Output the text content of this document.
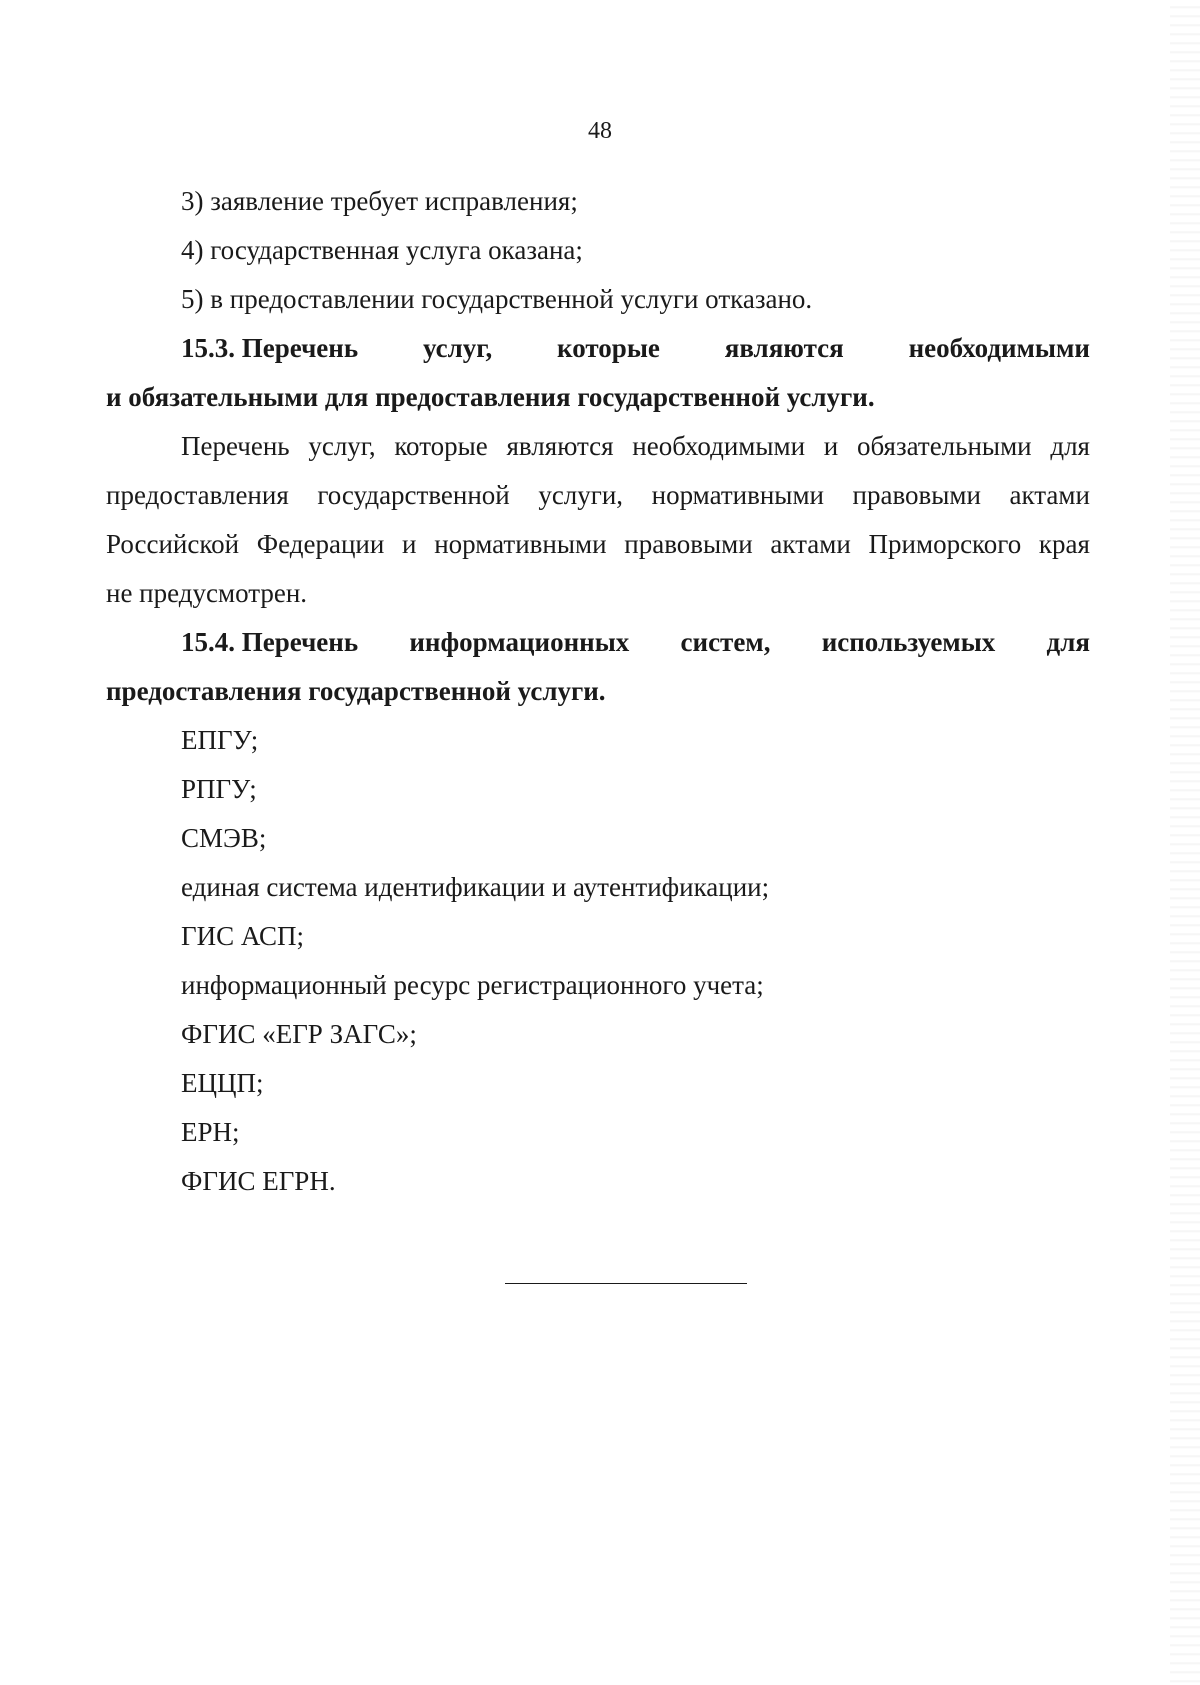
48
3) заявление требует исправления;
4) государственная услуга оказана;
5) в предоставлении государственной услуги отказано.
15.3. Перечень услуг, которые являются необходимыми
и обязательными для предоставления государственной услуги.
Перечень услуг, которые являются необходимыми и обязательными для
предоставления государственной услуги, нормативными правовыми актами
Российской Федерации и нормативными правовыми актами Приморского края
не предусмотрен.
15.4. Перечень информационных систем, используемых для
предоставления государственной услуги.
ЕПГУ;
РПГУ;
СМЭВ;
единая система идентификации и аутентификации;
ГИС АСП;
информационный ресурс регистрационного учета;
ФГИС «ЕГР ЗАГС»;
ЕЦЦП;
ЕРН;
ФГИС ЕГРН.
